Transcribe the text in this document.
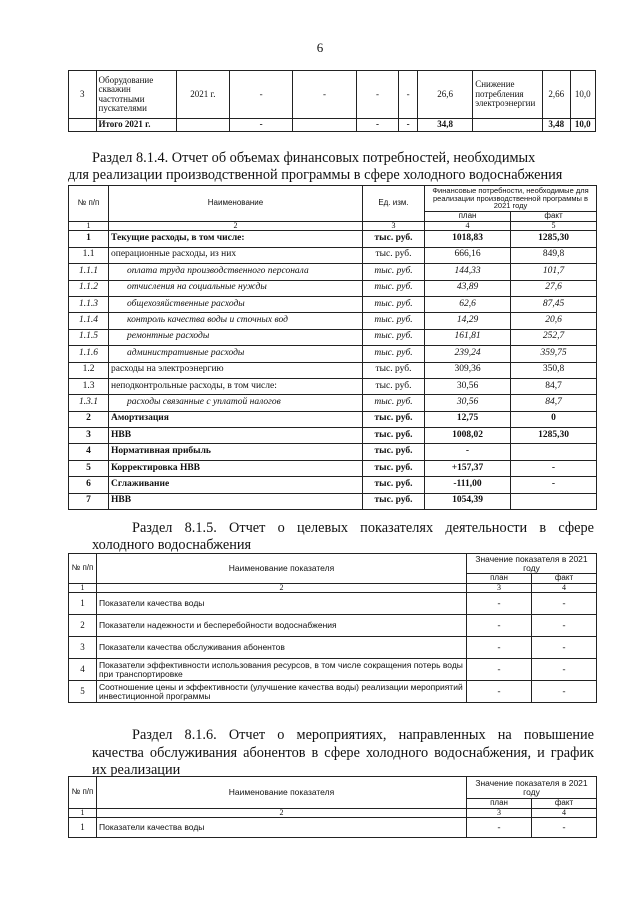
6
3	Оборудование скважин частотными пускателями	2021 г.	-	-	-	-	26,6	Снижение потребления электроэнергии	2,66	10,0
	Итого 2021 г.		-		-	-	34,8		3,48	10,0
Раздел 8.1.4. Отчет об объемах финансовых потребностей, необходимых
для реализации производственной программы в сфере холодного водоснабжения
№ п/п	Наименование	Ед. изм.	Финансовые потребности, необходимые для реализации производственной программы в 2021 году	
			план	факт
1	2	3	4	5
1	Текущие расходы, в том числе:	тыс. руб.	1018,83	1285,30
1.1	операционные расходы, из них	тыс. руб.	666,16	849,8
1.1.1	оплата труда производственного персонала	тыс. руб.	144,33	101,7
1.1.2	отчисления на социальные нужды	тыс. руб.	43,89	27,6
1.1.3	общехозяйственные расходы	тыс. руб.	62,6	87,45
1.1.4	контроль качества воды и сточных вод	тыс. руб.	14,29	20,6
1.1.5	ремонтные расходы	тыс. руб.	161,81	252,7
1.1.6	административные расходы	тыс. руб.	239,24	359,75
1.2	расходы на электроэнергию	тыс. руб.	309,36	350,8
1.3	неподконтрольные расходы, в том числе:	тыс. руб.	30,56	84,7
1.3.1	расходы связанные с уплатой налогов	тыс. руб.	30,56	84,7
2	Амортизация	тыс. руб.	12,75	0
3	НВВ	тыс. руб.	1008,02	1285,30
4	Нормативная прибыль	тыс. руб.	-	
5	Корректировка НВВ	тыс. руб.	+157,37	-
6	Сглаживание	тыс. руб.	-111,00	-
7	НВВ	тыс. руб.	1054,39	
Раздел 8.1.5. Отчет о целевых показателях деятельности в сфере
холодного водоснабжения
№ п/п	Наименование показателя	Значение показателя в 2021 году	
		план	факт
1	2	3	4
1	Показатели качества воды	-	-
2	Показатели надежности и бесперебойности водоснабжения	-	-
3	Показатели качества обслуживания абонентов	-	-
4	Показатели эффективности использования ресурсов, в том числе сокращения потерь воды при транспортировке	-	-
5	Соотношение цены и эффективности (улучшение качества воды) реализации мероприятий инвестиционной программы	-	-
Раздел 8.1.6. Отчет о мероприятиях, направленных на повышение
качества обслуживания абонентов в сфере холодного водоснабжения, и график
их реализации
№ п/п	Наименование показателя	Значение показателя в 2021 году	
		план	факт
1	2	3	4
1	Показатели качества воды	-	-
